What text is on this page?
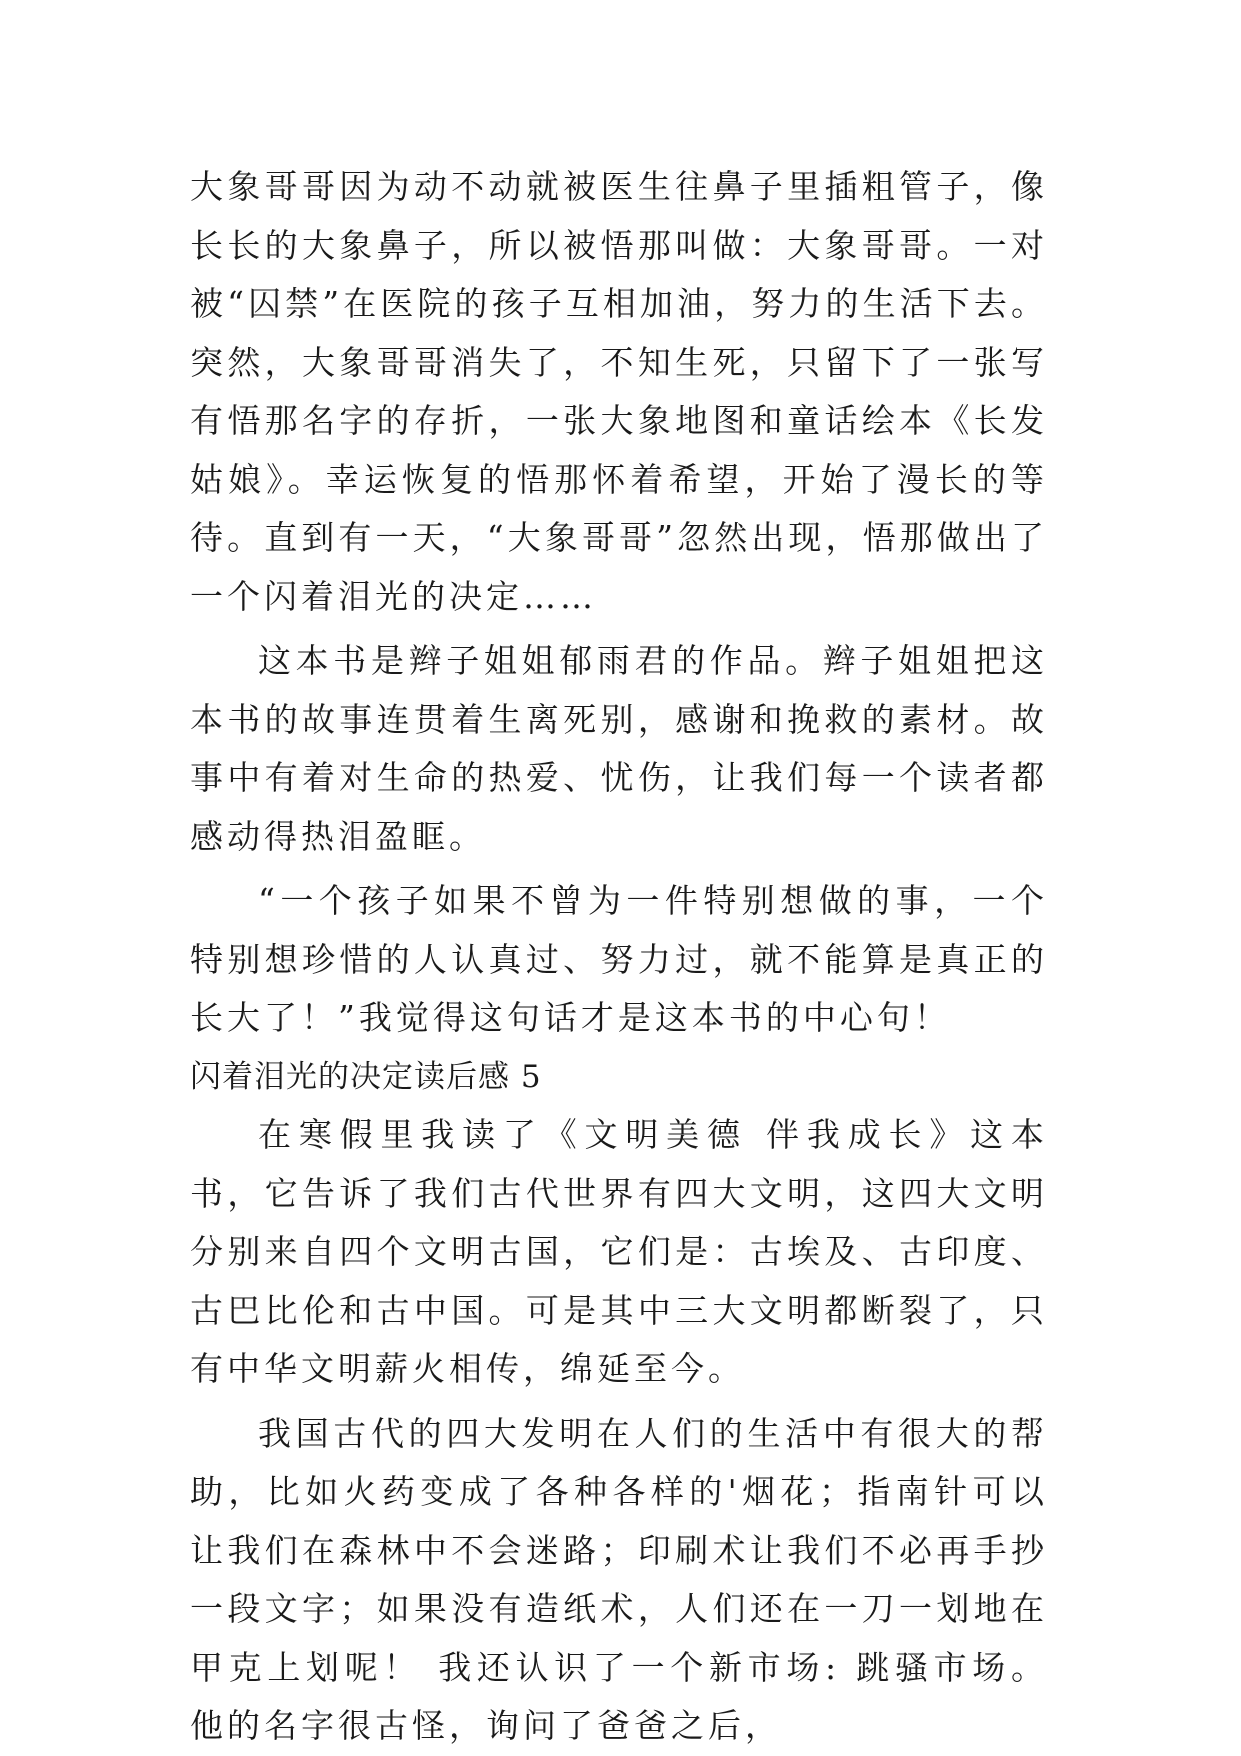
大象哥哥因为动不动就被医生往鼻子里插粗管子，像长长的大象鼻子，所以被悟那叫做：大象哥哥。一对被“囚禁”在医院的孩子互相加油，努力的生活下去。突然，大象哥哥消失了，不知生死，只留下了一张写有悟那名字的存折，一张大象地图和童话绘本《长发姑娘》。幸运恢复的悟那怀着希望，开始了漫长的等待。直到有一天，“大象哥哥”忽然出现，悟那做出了一个闪着泪光的决定……

这本书是辫子姐姐郁雨君的作品。辫子姐姐把这本书的故事连贯着生离死别，感谢和挽救的素材。故事中有着对生命的热爱、忧伤，让我们每一个读者都感动得热泪盈眶。

“一个孩子如果不曾为一件特别想做的事，一个特别想珍惜的人认真过、努力过，就不能算是真正的长大了！”我觉得这句话才是这本书的中心句！

闪着泪光的决定读后感 5

在寒假里我读了《文明美德 伴我成长》这本书，它告诉了我们古代世界有四大文明，这四大文明分别来自四个文明古国，它们是：古埃及、古印度、古巴比伦和古中国。可是其中三大文明都断裂了，只有中华文明薪火相传，绵延至今。

我国古代的四大发明在人们的生活中有很大的帮助，比如火药变成了各种各样的'烟花；指南针可以让我们在森林中不会迷路；印刷术让我们不必再手抄一段文字；如果没有造纸术，人们还在一刀一划地在甲克上划呢！ 我还认识了一个新市场: 跳骚市场。他的名字很古怪，询问了爸爸之后，
